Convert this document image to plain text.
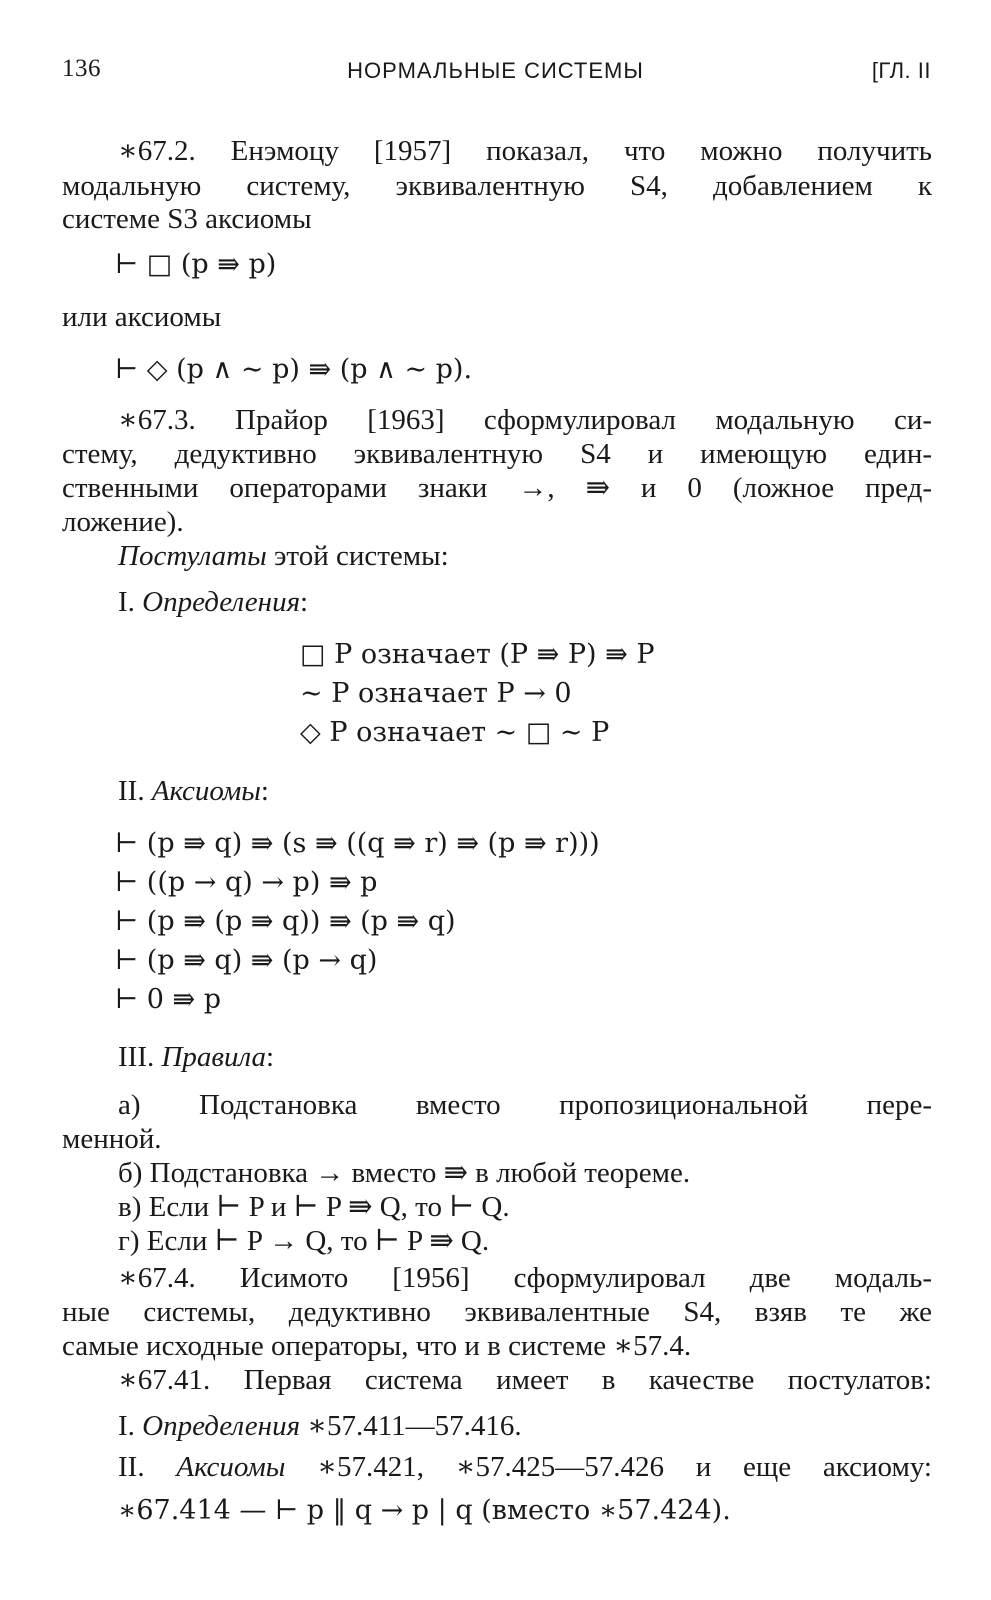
136	НОРМАЛЬНЫЕ СИСТЕМЫ	[ГЛ. II
∗67.2. Енэмоцу [1957] показал, что можно получить
модальную систему, эквивалентную S4, добавлением к
системе S3 аксиомы
⊢ □ (p ⇛ p)
или аксиомы
⊢ ◇ (p ∧ ∼ p) ⇛ (p ∧ ∼ p).
∗67.3. Прайор [1963] сформулировал модальную си-
стему, дедуктивно эквивалентную S4 и имеющую един-
ственными операторами знаки →, ⇛ и 0 (ложное пред-
ложение).
Постулаты этой системы:
I. Определения:
□ P означает (P ⇛ P) ⇛ P
∼ P означает P → 0
◇ P означает ∼ □ ∼ P
II. Аксиомы:
⊢ (p ⇛ q) ⇛ (s ⇛ ((q ⇛ r) ⇛ (p ⇛ r)))
⊢ ((p → q) → p) ⇛ p
⊢ (p ⇛ (p ⇛ q)) ⇛ (p ⇛ q)
⊢ (p ⇛ q) ⇛ (p → q)
⊢ 0 ⇛ p
III. Правила:
а) Подстановка вместо пропозициональной пере-
менной.
б) Подстановка → вместо ⇛ в любой теореме.
в) Если ⊢ P и ⊢ P ⇛ Q, то ⊢ Q.
г) Если ⊢ P → Q, то ⊢ P ⇛ Q.
∗67.4. Исимото [1956] сформулировал две модаль-
ные системы, дедуктивно эквивалентные S4, взяв те же
самые исходные операторы, что и в системе ∗57.4.
∗67.41. Первая система имеет в качестве постулатов:
I. Определения ∗57.411—57.416.
II. Аксиомы ∗57.421, ∗57.425—57.426 и еще аксиому:
∗67.414 — ⊢ p ‖ q → p | q (вместо ∗57.424).
